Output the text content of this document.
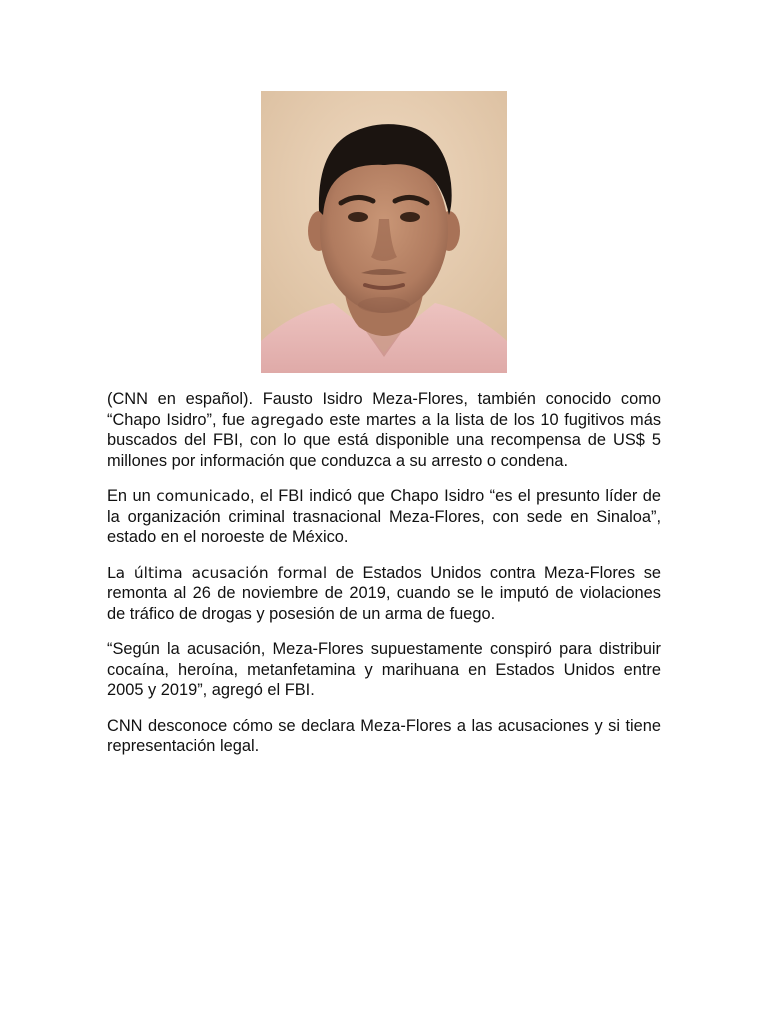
(CNN en español). Fausto Isidro Meza-Flores, también conocido como “Chapo Isidro”, fue agregado este martes a la lista de los 10 fugitivos más buscados del FBI, con lo que está disponible una recompensa de US$ 5 millones por información que conduzca a su arresto o condena.

En un comunicado, el FBI indicó que Chapo Isidro “es el presunto líder de la organización criminal trasnacional Meza-Flores, con sede en Sinaloa”, estado en el noroeste de México.

La última acusación formal de Estados Unidos contra Meza-Flores se remonta al 26 de noviembre de 2019, cuando se le imputó de violaciones de tráfico de drogas y posesión de un arma de fuego.

“Según la acusación, Meza-Flores supuestamente conspiró para distribuir cocaína, heroína, metanfetamina y marihuana en Estados Unidos entre 2005 y 2019”, agregó el FBI.

CNN desconoce cómo se declara Meza-Flores a las acusaciones y si tiene representación legal.
